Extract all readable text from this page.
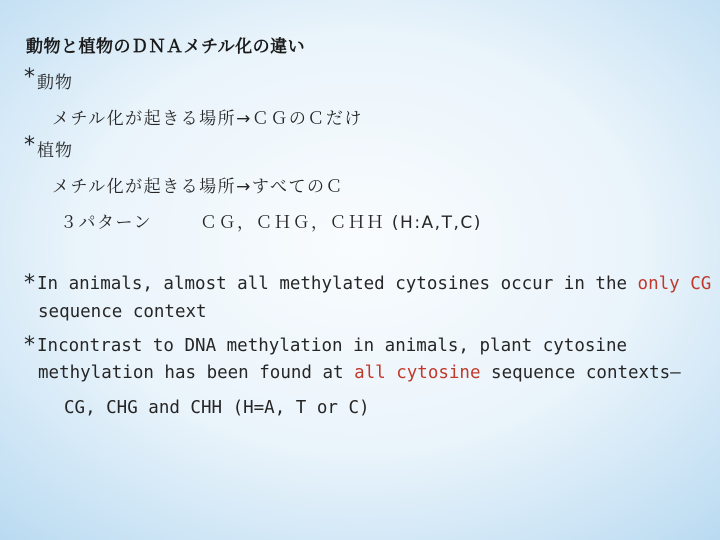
動物と植物のＤＮＡメチル化の違い
* 動物
メチル化が起きる場所→ＣＧのＣだけ
* 植物
メチル化が起きる場所→すべてのＣ
３パターン	ＣＧ，ＣＨＧ，ＣＨＨ (H:A,T,C)
* In animals, almost all methylated cytosines occur in the only CG
sequence context
* Incontrast to DNA methylation in animals, plant cytosine
methylation has been found at all cytosine sequence contexts—
CG, CHG and CHH (H=A, T or C)
